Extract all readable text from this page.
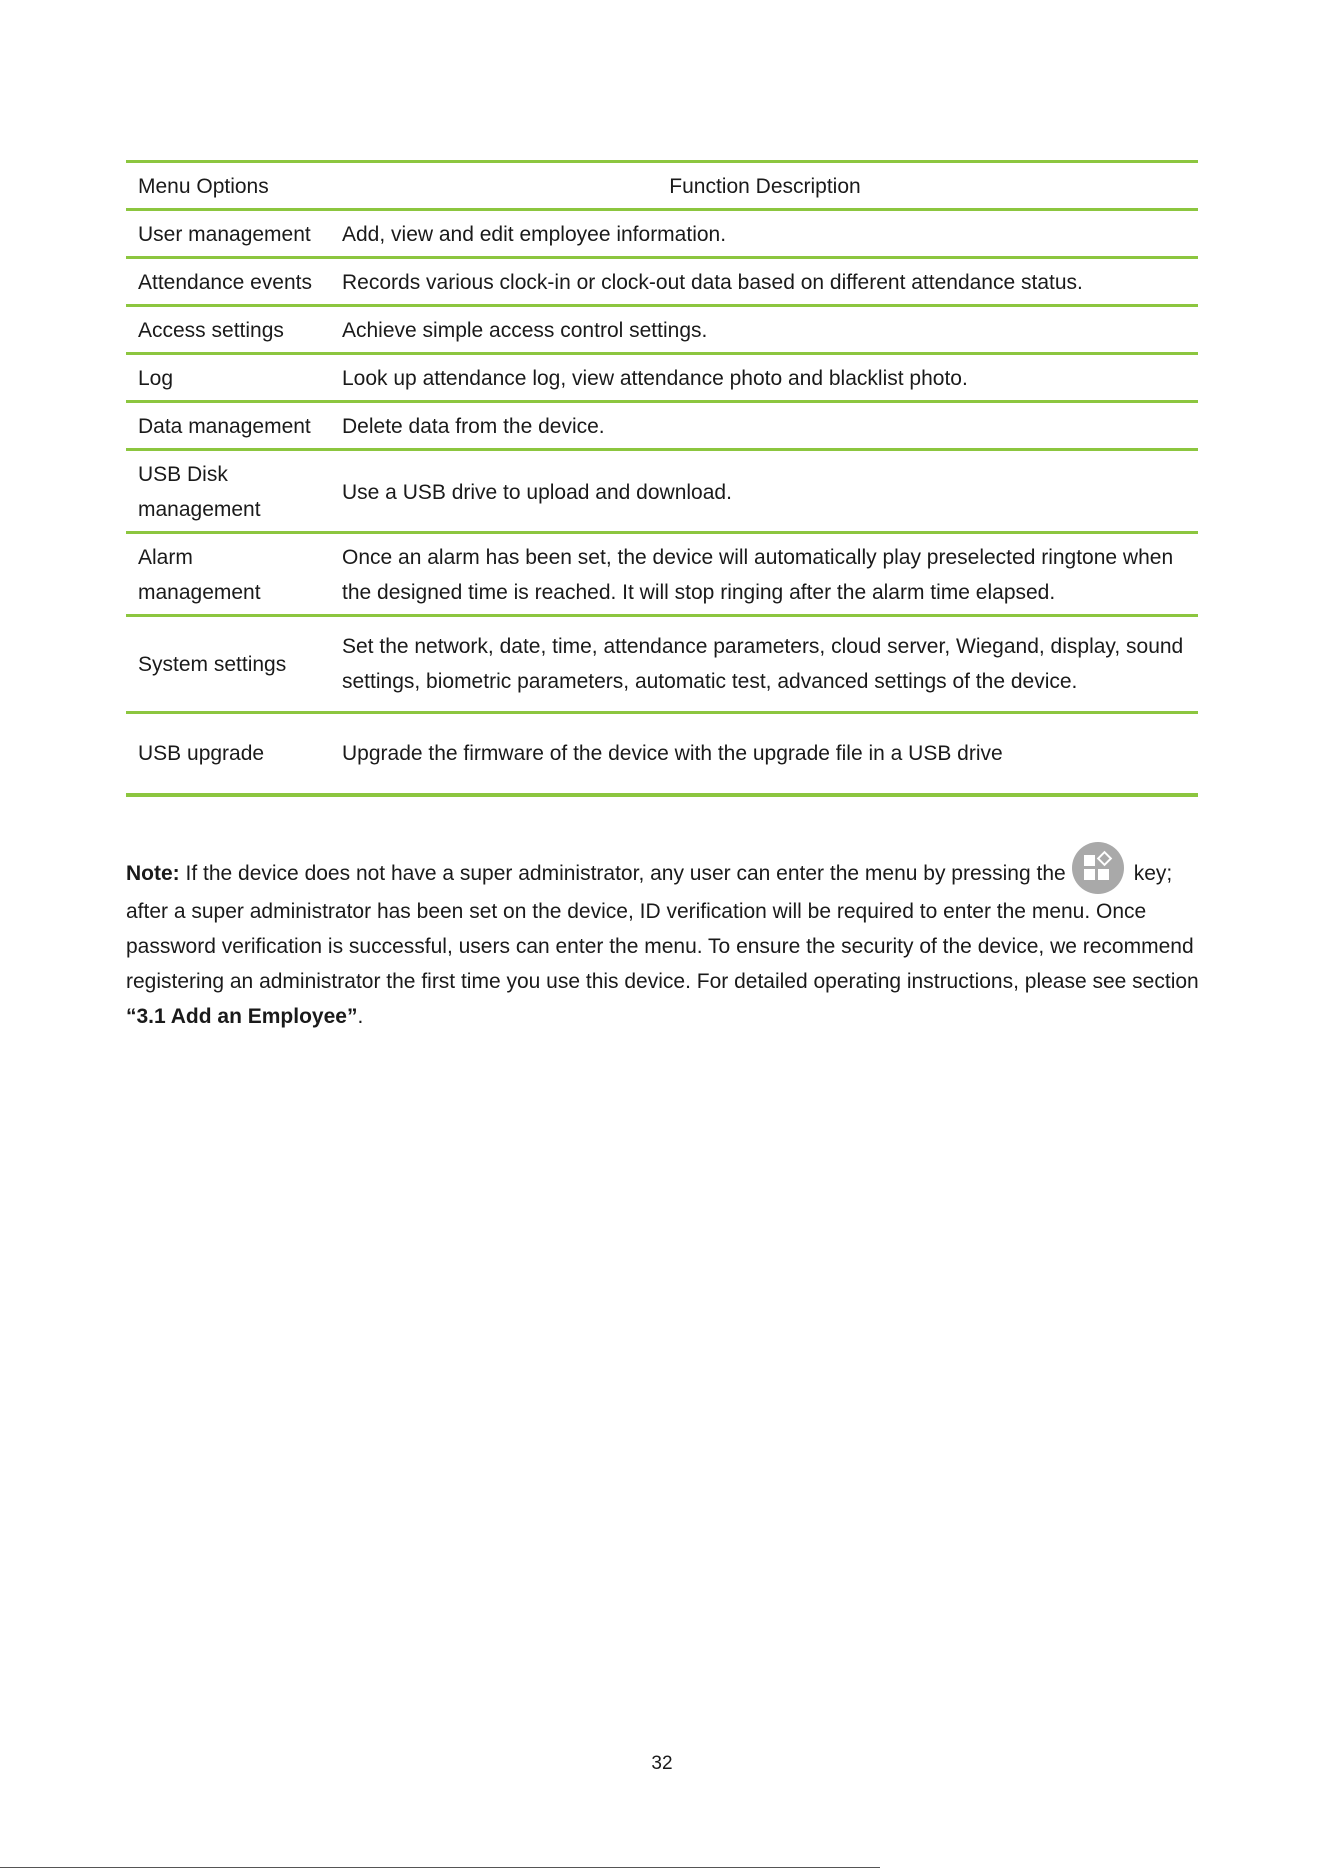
Menu Options	Function Description
User management	Add, view and edit employee information.
Attendance events	Records various clock-in or clock-out data based on different attendance status.
Access settings	Achieve simple access control settings.
Log	Look up attendance log, view attendance photo and blacklist photo.
Data management	Delete data from the device.
USB Disk management	Use a USB drive to upload and download.
Alarm management	Once an alarm has been set, the device will automatically play preselected ringtone when the designed time is reached. It will stop ringing after the alarm time elapsed.
System settings	Set the network, date, time, attendance parameters, cloud server, Wiegand, display, sound settings, biometric parameters, automatic test, advanced settings of the device.
USB upgrade	Upgrade the firmware of the device with the upgrade file in a USB drive

Note: If the device does not have a super administrator, any user can enter the menu by pressing the	key; after a super administrator has been set on the device, ID verification will be required to enter the menu. Once password verification is successful, users can enter the menu. To ensure the security of the device, we recommend registering an administrator the first time you use this device. For detailed operating instructions, please see section “3.1 Add an Employee”.

32
